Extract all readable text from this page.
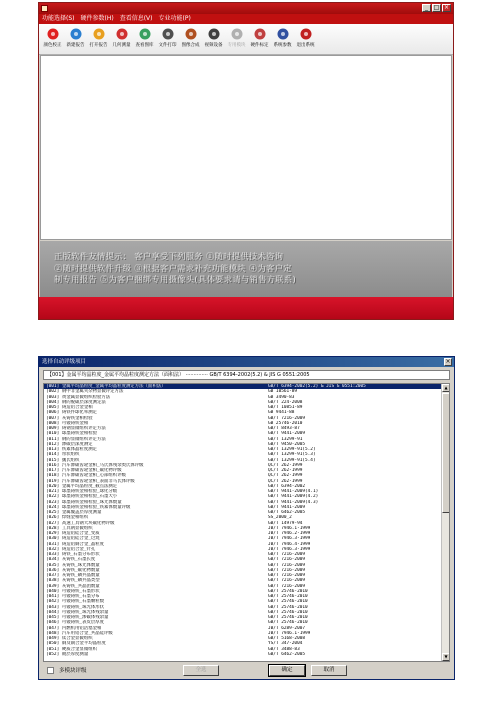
_ □ ×
功能选择(S) 硬件参数(H) 查看信息(V) 专业功能(P)
颜色校正 新建报告 打开报告 几何测量 查看图库 文件打印 图像合成 视频设备 专用模块 硬件标定 系统参数 退出系统

正版软件友情提示： 客户享受下列服务 ①随时提供技术咨询

②随时提供软件升级 ③根据客户需求补充功能模块 ④为客户定

制专用报告 ⑤为客户捆绑专用摄像头(具体要求请与销售方联系)

选择自动评级项目	×
【001】金属平均晶粒度_金属平均晶粒度测定方法（面积法） ·············· GB/T 6394-2002(5.2) & JIS G 0551:2005
[001] 金属平均晶粒度_金属平均晶粒度测定方法（面积法）	GB/T 6394-2002(5.2) & JIS G 0551:2005
[002] 钢中非金属夹杂物显微评定方法	GB 10561-89
[003] 黄金属显微组织检验方法	GB 3490-83
[004] 钢的脱碳层深度测定法	GB/T 224-2008
[005] 铸造铝合金金相	GB/T 10851-89
[006] 铸铁件球化率测定	GB 9441-88
[007] 灰铸铁金相检验	GB/T 7216-2009
[008] 可锻铸铁金相	GB 25746-2010
[009] 铸钢显微组织评定方法	GB/T 8493-87
[010] 球墨铸铁金相检验	GB/T 9441-2009
[011] 钢的显微组织评定方法	GB/T 13299-91
[012] 渗碳层深度测定	GB/T 9450-2005
[013] 铁素体晶粒度测定	GB/T 13299-91(5.2)
[014] 带状组织	GB/T 13299-91(5.3)
[015] 魏氏组织	GB/T 13299-91(5.4)
[016] 汽车渗碳齿轮金相_马氏体残余奥氏体评级	QC/T 262-1999
[017] 汽车渗碳齿轮金相_碳化物评级	QC/T 262-1999
[018] 汽车渗碳齿轮金相_心部组织评级	QC/T 262-1999
[019] 汽车渗碳齿轮金相_表面非马氏体评级	QC/T 262-1999
[020] 金属平均晶粒度_截点法测定	GB/T 6394-2002
[021] 球墨铸铁金相检验_球化分级	GB/T 9441-2009(4.1)
[022] 球墨铸铁金相检验_石墨大小	GB/T 9441-2009(4.2)
[023] 球墨铸铁金相检验_珠光体数量	GB/T 9441-2009(4.3)
[024] 球墨铸铁金相检验_铁素体数量评级	GB/T 9441-2009
[025] 金属覆盖层厚度测量	GB/T 6462-2005
[026] 焊缝金相组织	SS_2000_2
[027] 高速工具钢大块碳化物评级	GB/T 14979-94
[028] 工具钢显微组织	JB/T 7946.1-1999
[029] 铸造铝硅合金_变质	JB/T 7946.2-1999
[030] 铸造铝硅合金_过烧	JB/T 7946.3-1999
[031] 铸造铝铜合金_晶粒度	JB/T 7946.4-1999
[032] 铸造铝合金_针孔	JB/T 7946.3-1999
[033] 铸铁_石墨分布形状	GB/T 7216-2009
[034] 灰铸铁_石墨长度	GB/T 7216-2009
[035] 灰铸铁_珠光体数量	GB/T 7216-2009
[036] 灰铸铁_碳化物数量	GB/T 7216-2009
[037] 灰铸铁_磷共晶数量	GB/T 7216-2009
[038] 灰铸铁_磷共晶类型	GB/T 7216-2009
[039] 灰铸铁_共晶团数量	GB/T 7216-2009
[040] 可锻铸铁_石墨形状	GB/T 25746-2010
[041] 可锻铸铁_石墨分布	GB/T 25746-2010
[042] 可锻铸铁_石墨颗粒数	GB/T 25746-2010
[043] 可锻铸铁_珠光体形状	GB/T 25746-2010
[044] 可锻铸铁_珠光体残余量	GB/T 25746-2010
[045] 可锻铸铁_渗碳体残余量	GB/T 25746-2010
[046] 可锻铸铁_表皮层厚度	GB/T 25746-2010
[047] 内燃机用铝活塞金相	JB/T 6289-2007
[048] 汽车用铝合金_共晶硅评级	JB/T 7946.1-1999
[049] 钛合金显微组织	GB/T 5168-2008
[050] 铜及铜合金平均晶粒度	YS/T 347-2004
[051] 硬质合金显微组织	GB/T 3488-83
[052] 镀层厚度测量	GB/T 6462-2005
▲
▼
多模块评级	全选	确定	取消
